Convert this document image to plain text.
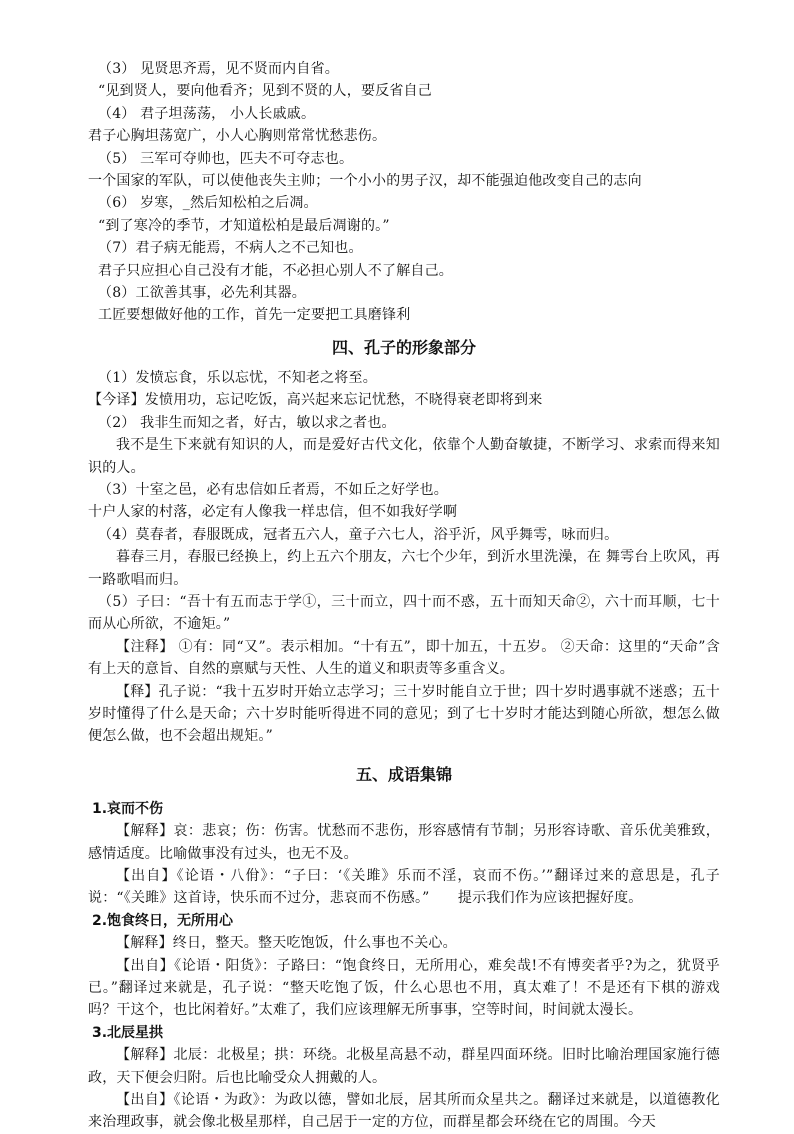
（3） 见贤思齐焉，见不贤而内自省。
“见到贤人，要向他看齐；见到不贤的人，要反省自己
（4） 君子坦荡荡， 小人长戚戚。
君子心胸坦荡宽广，小人心胸则常常忧愁悲伤。
（5） 三军可夺帅也，匹夫不可夺志也。
一个国家的军队，可以使他丧失主帅；一个小小的男子汉，却不能强迫他改变自己的志向
（6） 岁寒，_然后知松柏之后凋。
“到了寒冷的季节，才知道松柏是最后凋谢的。”
（7）君子病无能焉，不病人之不己知也。
君子只应担心自己没有才能，不必担心别人不了解自己。
（8）工欲善其事，必先利其器。
工匠要想做好他的工作，首先一定要把工具磨锋利
四、孔子的形象部分
（1）发愤忘食，乐以忘忧，不知老之将至。
【今译】发愤用功，忘记吃饭，高兴起来忘记忧愁，不晓得衰老即将到来
（2） 我非生而知之者，好古，敏以求之者也。
我不是生下来就有知识的人，而是爱好古代文化，依靠个人勤奋敏捷，不断学习、求索而得来知识的人。
（3）十室之邑，必有忠信如丘者焉，不如丘之好学也。
十户人家的村落，必定有人像我一样忠信，但不如我好学啊
（4）莫春者，春服既成，冠者五六人，童子六七人，浴乎沂，风乎舞雩，咏而归。
暮春三月，春服已经换上，约上五六个朋友，六七个少年，到沂水里洗澡，在 舞雩台上吹风，再一路歌唱而归。
（5）子曰：“吾十有五而志于学①，三十而立，四十而不惑，五十而知天命②，六十而耳顺，七十而从心所欲，不逾矩。”
【注释】 ①有：同“又”。表示相加。“十有五”，即十加五，十五岁。 ②天命：这里的“天命”含有上天的意旨、自然的禀赋与天性、人生的道义和职责等多重含义。
【释】孔子说：“我十五岁时开始立志学习；三十岁时能自立于世；四十岁时遇事就不迷惑；五十岁时懂得了什么是天命；六十岁时能听得进不同的意见；到了七十岁时才能达到随心所欲，想怎么做便怎么做，也不会超出规矩。”
五、成语集锦
1.哀而不伤
【解释】哀：悲哀；伤：伤害。忧愁而不悲伤，形容感情有节制；另形容诗歌、音乐优美雅致，感情适度。比喻做事没有过头，也无不及。
【出自】《论语・八佾》：“子曰：‘《关雎》乐而不淫，哀而不伤。’”翻译过来的意思是，孔子说：“《关雎》这首诗，快乐而不过分，悲哀而不伤感。”　　提示我们作为应该把握好度。
2.饱食终日，无所用心
【解释】终日，整天。整天吃饱饭，什么事也不关心。
【出自】《论语・阳货》：子路曰：“饱食终日，无所用心，难矣哉!不有博奕者乎?为之，犹贤乎已。”翻译过来就是，孔子说：“整天吃饱了饭，什么心思也不用，真太难了！不是还有下棋的游戏吗？干这个，也比闲着好。”太难了，我们应该理解无所事事，空等时间，时间就太漫长。
3.北辰星拱
【解释】北辰：北极星；拱：环绕。北极星高悬不动，群星四面环绕。旧时比喻治理国家施行德政，天下便会归附。后也比喻受众人拥戴的人。
【出自】《论语・为政》：为政以德，譬如北辰，居其所而众星共之。翻译过来就是，以道德教化来治理政事，就会像北极星那样，自己居于一定的方位，而群星都会环绕在它的周围。今天
